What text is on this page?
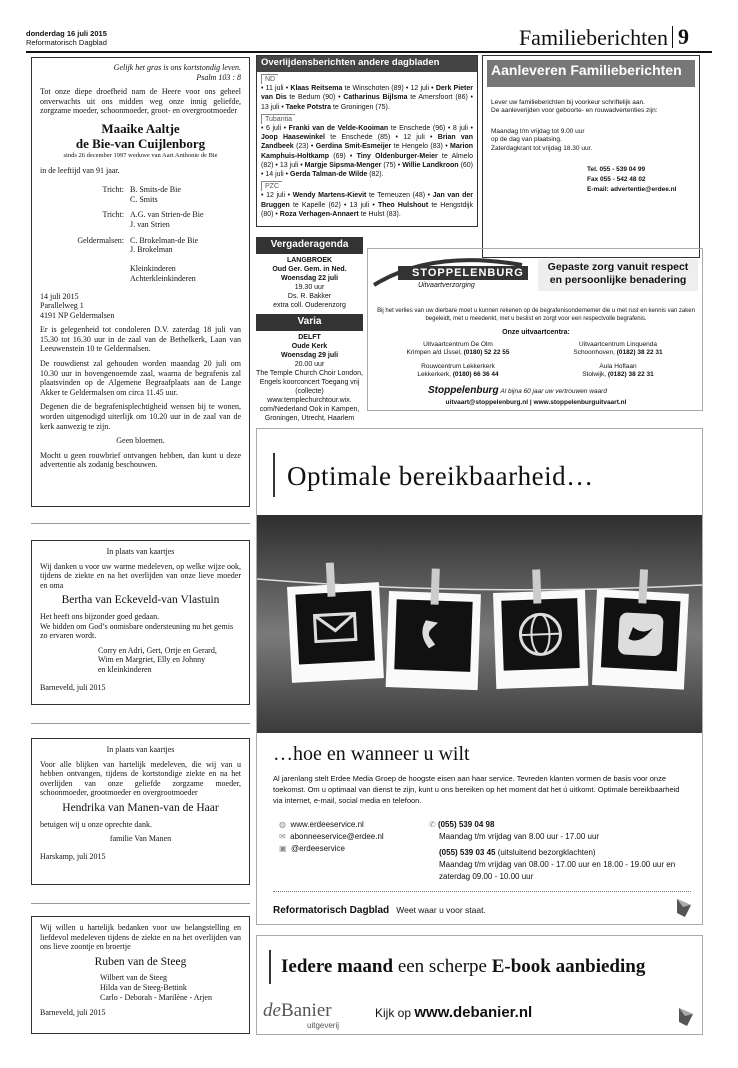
donderdag 16 juli 2015
Reformatorisch Dagblad	Familieberichten 9

Gelijk het gras is ons kortstondig leven.

Psalm 103 : 8

Tot onze diepe droefheid nam de Heere voor ons geheel onverwachts uit ons midden weg onze innig geliefde, zorgzame moeder, schoonmoeder, groot- en overgrootmoeder

Maaike Aaltje
de Bie-van Cuijlenborg

sinds 26 december 1997 weduwe van Aart Anthonie de Bie

in de leeftijd van 91 jaar.

Tricht: B. Smits-de Bie
C. Smits
Tricht: A.G. van Strien-de Bie
J. van Strien
Geldermalsen: C. Brokelman-de Bie
J. Brokelman

Kleinkinderen
Achterkleinkinderen

14 juli 2015
Parallelweg 1
4191 NP Geldermalsen

Er is gelegenheid tot condoleren D.V. zaterdag 18 juli van 15.30 tot 16.30 uur in de zaal van de Bethelkerk, Laan van Leeuwenstein 10 te Geldermalsen.

De rouwdienst zal gehouden worden maandag 20 juli om 10.30 uur in bovengenoemde zaal, waarna de begrafenis zal plaatsvinden op de Algemene Begraafplaats aan de Lange Akker te Geldermalsen om circa 11.45 uur.

Degenen die de begrafenisplechtigheid wensen bij te wonen, worden uitgenodigd uiterlijk om 10.20 uur in de zaal van de kerk aanwezig te zijn.

Geen bloemen.

Mocht u geen rouwbrief ontvangen hebben, dan kunt u deze advertentie als zodanig beschouwen.

In plaats van kaartjes

Wij danken u voor uw warme medeleven, op welke wijze ook, tijdens de ziekte en na het overlijden van onze lieve moeder en oma

Bertha van Eckeveld-van Vlastuin

Het heeft ons bijzonder goed gedaan.
We bidden om God’s onmisbare ondersteuning nu het gemis zo ervaren wordt.

Corry en Adri, Gert, Ortje en Gerard,
Wim en Margriet, Elly en Johnny
en kleinkinderen

Barneveld, juli 2015

In plaats van kaartjes

Voor alle blijken van hartelijk medeleven, die wij van u hebben ontvangen, tijdens de kortstondige ziekte en na het overlijden van onze geliefde zorgzame moeder, schoonmoeder, grootmoeder en overgrootmoeder

Hendrika van Manen-van de Haar

betuigen wij u onze oprechte dank.

familie Van Manen

Harskamp, juli 2015

Wij willen u hartelijk bedanken voor uw belangstelling en liefdevol medeleven tijdens de ziekte en na het overlijden van ons lieve zoontje en broertje

Ruben van de Steeg

Wilbert van de Steeg
Hilda van de Steeg-Bettink
Carlo - Deborah - Marilène - Arjen

Barneveld, juli 2015

Overlijdensberichten andere dagbladen
ND
• 11 juli • Klaas Reitsema te Winschoten (89) • 12 juli • Derk Pieter van Dis te Bedum (90) • Catharinus Bijlsma te Amersfoort (86) • 13 juli • Taeke Potstra te Groningen (75).
Tubantia
• 6 juli • Franki van de Velde-Kooiman te Enschede (96) • 8 juli • Joop Haasewinkel te Enschede (85) • 12 juli • Brian van Zandbeek (23) • Gerdina Smit-Esmeijer te Hengelo (83) • Marion Kamphuis-Holtkamp (69) • Tiny Oldenburger-Meier te Almelo (82) • 13 juli • Margje Sipsma-Menger (75) • Willie Landkroon (60) • 14 juli • Gerda Talman-de Wilde (82).
PZC
• 12 juli • Wendy Martens-Kievit te Terneuzen (48) • Jan van der Bruggen te Kapelle (62) • 13 juli • Theo Hulshout te Hengstdijk (80) • Roza Verhagen-Annaert te Hulst (83).
Aanleveren Familieberichten
Lever uw familieberichten bij voorkeur schriftelijk aan.
De aanleverijden voor geboorte- en rouwadvertenties zijn:
Maandag t/m vrijdag tot 9.00 uur
op de dag van plaatsing.
Zaterdagkrant tot vrijdag 18.30 uur.
Tel. 055 - 539 04 99
Fax 055 - 542 48 02
E-mail: advertentie@erdee.nl
Vergaderagenda
LANGBROEK
Oud Ger. Gem. in Ned.
Woensdag 22 juli
19.30 uur
Ds. R. Bakker
extra coll. Ouderenzorg
Varia
DELFT
Oude Kerk
Woensdag 29 juli
20.00 uur
The Temple Church Choir London, Engels koorconcert Toegang vrij (collecte) www.templechurchtour.wix. com/Nederland Ook in Kampen, Groningen, Utrecht, Haarlem
STOPPELENBURG
Uitvaartverzorging
Gepaste zorg vanuit respect
en persoonlijke benadering
Bij het verlies van uw dierbare moet u kunnen rekenen op de begrafenisondernemer die u met rust en kennis van zaken begeleidt, met u meedenkt, met u beslist en zorgt voor een respectvolle begrafenis.
Onze uitvaartcentra:
Uitvaartcentrum De Olm
Krimpen a/d IJssel, (0180) 52 22 55
Uitvaartcentrum Linquenda
Schoonhoven, (0182) 38 22 31
Rouwcentrum Lekkerkerk
Lekkerkerk, (0180) 66 36 44
Aula Hoflaan
Stolwijk, (0182) 38 22 31
Stoppelenburg Al bijna 60 jaar uw vertrouwen waard
uitvaart@stoppelenburg.nl | www.stoppelenburguitvaart.nl
Optimale bereikbaarheid…
…hoe en wanneer u wilt
Al jarenlang stelt Erdee Media Groep de hoogste eisen aan haar service. Tevreden klanten vormen de basis voor onze toekomst. Om u optimaal van dienst te zijn, kunt u ons bereiken op het moment dat het ú uitkomt. Optimale bereikbaarheid via internet, e-mail, social media en telefoon.
◍ www.erdeeservice.nl
✉ abonneeservice@erdee.nl
▣ @erdeeservice
✆ (055) 539 04 98
Maandag t/m vrijdag van 8.00 uur - 17.00 uur
(055) 539 03 45 (uitsluitend bezorgklachten)
Maandag t/m vrijdag van 08.00 - 17.00 uur en 18.00 - 19.00 uur en zaterdag 09.00 - 10.00 uur
Reformatorisch Dagblad Weet waar u voor staat.
Iedere maand een scherpe E-book aanbieding
deBanier
uitgeverij
Kijk op www.debanier.nl
